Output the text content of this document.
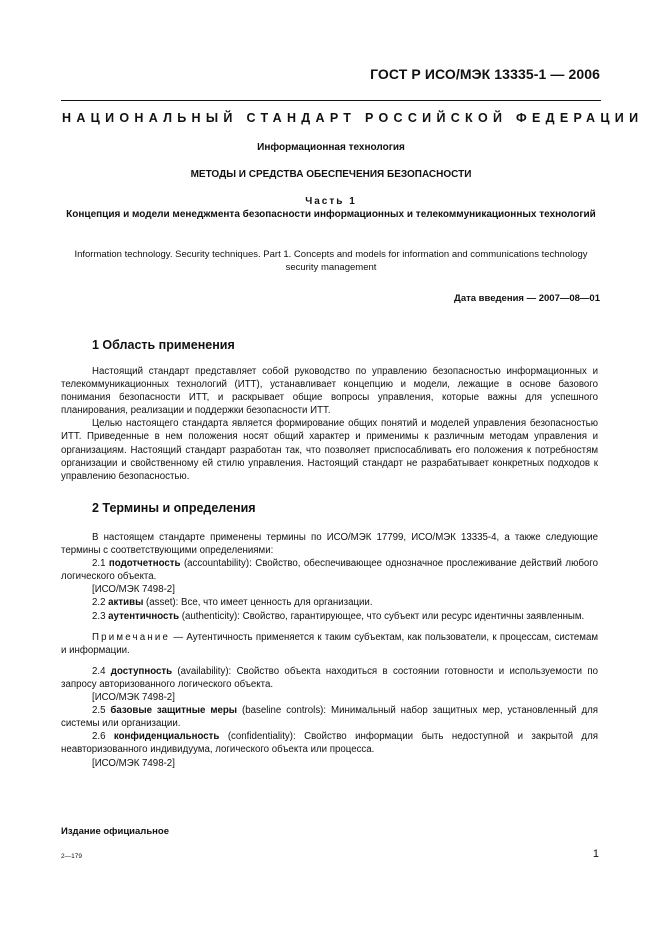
ГОСТ Р ИСО/МЭК 13335-1 — 2006
НАЦИОНАЛЬНЫЙ СТАНДАРТ РОССИЙСКОЙ ФЕДЕРАЦИИ
Информационная технология
МЕТОДЫ И СРЕДСТВА ОБЕСПЕЧЕНИЯ БЕЗОПАСНОСТИ
Часть 1
Концепция и модели менеджмента безопасности информационных и телекоммуникационных технологий
Information technology. Security techniques. Part 1. Concepts and models for information and communications technology security management
Дата введения — 2007—08—01
1 Область применения

Настоящий стандарт представляет собой руководство по управлению безопасностью информационных и телекоммуникационных технологий (ИТТ), устанавливает концепцию и модели, лежащие в основе базового понимания безопасности ИТТ, и раскрывает общие вопросы управления, которые важны для успешного планирования, реализации и поддержки безопасности ИТТ.

Целью настоящего стандарта является формирование общих понятий и моделей управления безопасностью ИТТ. Приведенные в нем положения носят общий характер и применимы к различным методам управления и организациям. Настоящий стандарт разработан так, что позволяет приспосабливать его положения к потребностям организации и свойственному ей стилю управления. Настоящий стандарт не разрабатывает конкретных подходов к управлению безопасностью.

2 Термины и определения

В настоящем стандарте применены термины по ИСО/МЭК 17799, ИСО/МЭК 13335-4, а также следующие термины с соответствующими определениями:

2.1 подотчетность (accountability): Свойство, обеспечивающее однозначное прослеживание действий любого логического объекта.

[ИСО/МЭК 7498-2]

2.2 активы (asset): Все, что имеет ценность для организации.

2.3 аутентичность (authenticity): Свойство, гарантирующее, что субъект или ресурс идентичны заявленным.

Примечание — Аутентичность применяется к таким субъектам, как пользователи, к процессам, системам и информации.

2.4 доступность (availability): Свойство объекта находиться в состоянии готовности и используемости по запросу авторизованного логического объекта.

[ИСО/МЭК 7498-2]

2.5 базовые защитные меры (baseline controls): Минимальный набор защитных мер, установленный для системы или организации.

2.6 конфиденциальность (confidentiality): Свойство информации быть недоступной и закрытой для неавторизованного индивидуума, логического объекта или процесса.

[ИСО/МЭК 7498-2]

Издание официальное
2—179	1
